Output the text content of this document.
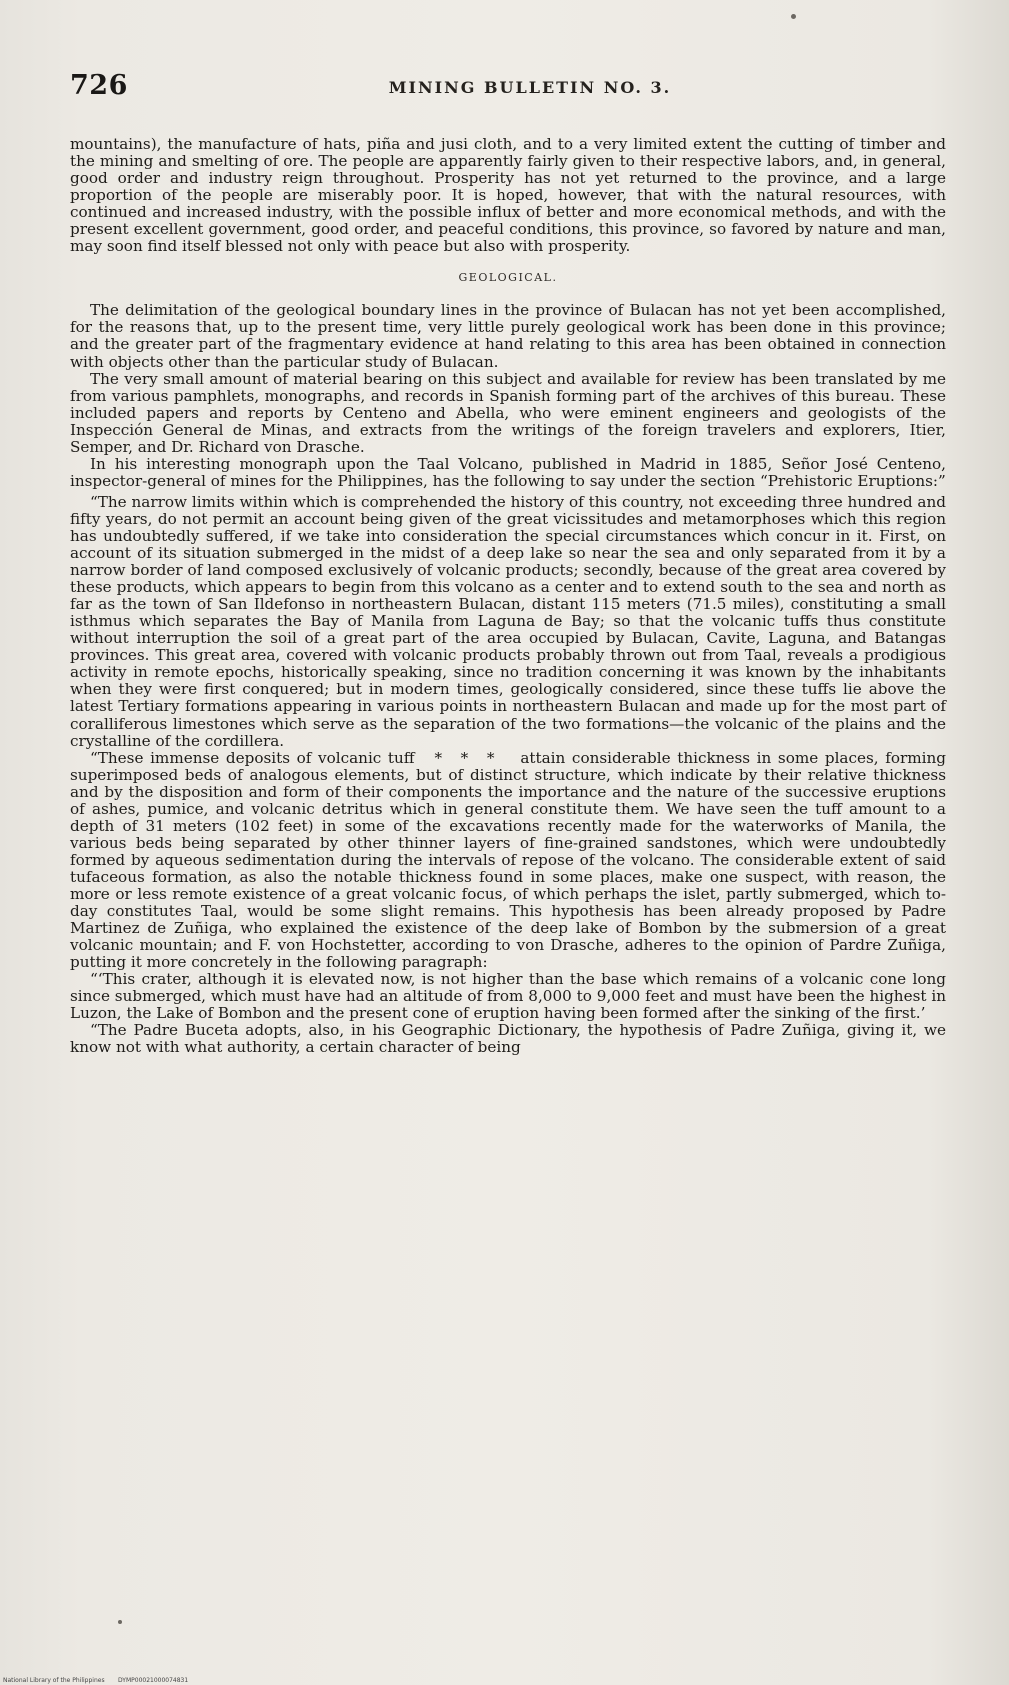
726	MINING BULLETIN NO. 3.

mountains), the manufacture of hats, piña and jusi cloth, and to a very limited extent the cutting of timber and the mining and smelting of ore. The people are apparently fairly given to their respective labors, and, in general, good order and industry reign throughout. Prosperity has not yet returned to the province, and a large proportion of the people are miserably poor. It is hoped, however, that with the natural resources, with continued and increased industry, with the possible influx of better and more economical methods, and with the present excellent government, good order, and peaceful conditions, this province, so favored by nature and man, may soon find itself blessed not only with peace but also with prosperity.

GEOLOGICAL.

The delimitation of the geological boundary lines in the province of Bulacan has not yet been accomplished, for the reasons that, up to the present time, very little purely geological work has been done in this province; and the greater part of the fragmentary evidence at hand relating to this area has been obtained in connection with objects other than the particular study of Bulacan.

The very small amount of material bearing on this subject and available for review has been translated by me from various pamphlets, monographs, and records in Spanish forming part of the archives of this bureau. These included papers and reports by Centeno and Abella, who were eminent engineers and geologists of the Inspección General de Minas, and extracts from the writings of the foreign travelers and explorers, Itier, Semper, and Dr. Richard von Drasche.

In his interesting monograph upon the Taal Volcano, published in Madrid in 1885, Señor José Centeno, inspector-general of mines for the Philippines, has the following to say under the section “Prehistoric Eruptions:”

“The narrow limits within which is comprehended the history of this country, not exceeding three hundred and fifty years, do not permit an account being given of the great vicissitudes and metamorphoses which this region has undoubtedly suffered, if we take into consideration the special circumstances which concur in it. First, on account of its situation submerged in the midst of a deep lake so near the sea and only separated from it by a narrow border of land composed exclusively of volcanic products; secondly, because of the great area covered by these products, which appears to begin from this volcano as a center and to extend south to the sea and north as far as the town of San Ildefonso in northeastern Bulacan, distant 115 meters (71.5 miles), constituting a small isthmus which separates the Bay of Manila from Laguna de Bay; so that the volcanic tuffs thus constitute without interruption the soil of a great part of the area occupied by Bulacan, Cavite, Laguna, and Batangas provinces. This great area, covered with volcanic products probably thrown out from Taal, reveals a prodigious activity in remote epochs, historically speaking, since no tradition concerning it was known by the inhabitants when they were first conquered; but in modern times, geologically considered, since these tuffs lie above the latest Tertiary formations appearing in various points in northeastern Bulacan and made up for the most part of coralliferous limestones which serve as the separation of the two formations—the volcanic of the plains and the crystalline of the cordillera.

“These immense deposits of volcanic tuff * * * attain considerable thickness in some places, forming superimposed beds of analogous elements, but of distinct structure, which indicate by their relative thickness and by the disposition and form of their components the importance and the nature of the successive eruptions of ashes, pumice, and volcanic detritus which in general constitute them. We have seen the tuff amount to a depth of 31 meters (102 feet) in some of the excavations recently made for the waterworks of Manila, the various beds being separated by other thinner layers of fine-grained sandstones, which were undoubtedly formed by aqueous sedimentation during the intervals of repose of the volcano. The considerable extent of said tufaceous formation, as also the notable thickness found in some places, make one suspect, with reason, the more or less remote existence of a great volcanic focus, of which perhaps the islet, partly submerged, which to-day constitutes Taal, would be some slight remains. This hypothesis has been already proposed by Padre Martinez de Zuñiga, who explained the existence of the deep lake of Bombon by the submersion of a great volcanic mountain; and F. von Hochstetter, according to von Drasche, adheres to the opinion of Pardre Zuñiga, putting it more concretely in the following paragraph:

“‘This crater, although it is elevated now, is not higher than the base which remains of a volcanic cone long since submerged, which must have had an altitude of from 8,000 to 9,000 feet and must have been the highest in Luzon, the Lake of Bombon and the present cone of eruption having been formed after the sinking of the first.’

“The Padre Buceta adopts, also, in his Geographic Dictionary, the hypothesis of Padre Zuñiga, giving it, we know not with what authority, a certain character of being

National Library of the Philippines DYMP00021000074831
